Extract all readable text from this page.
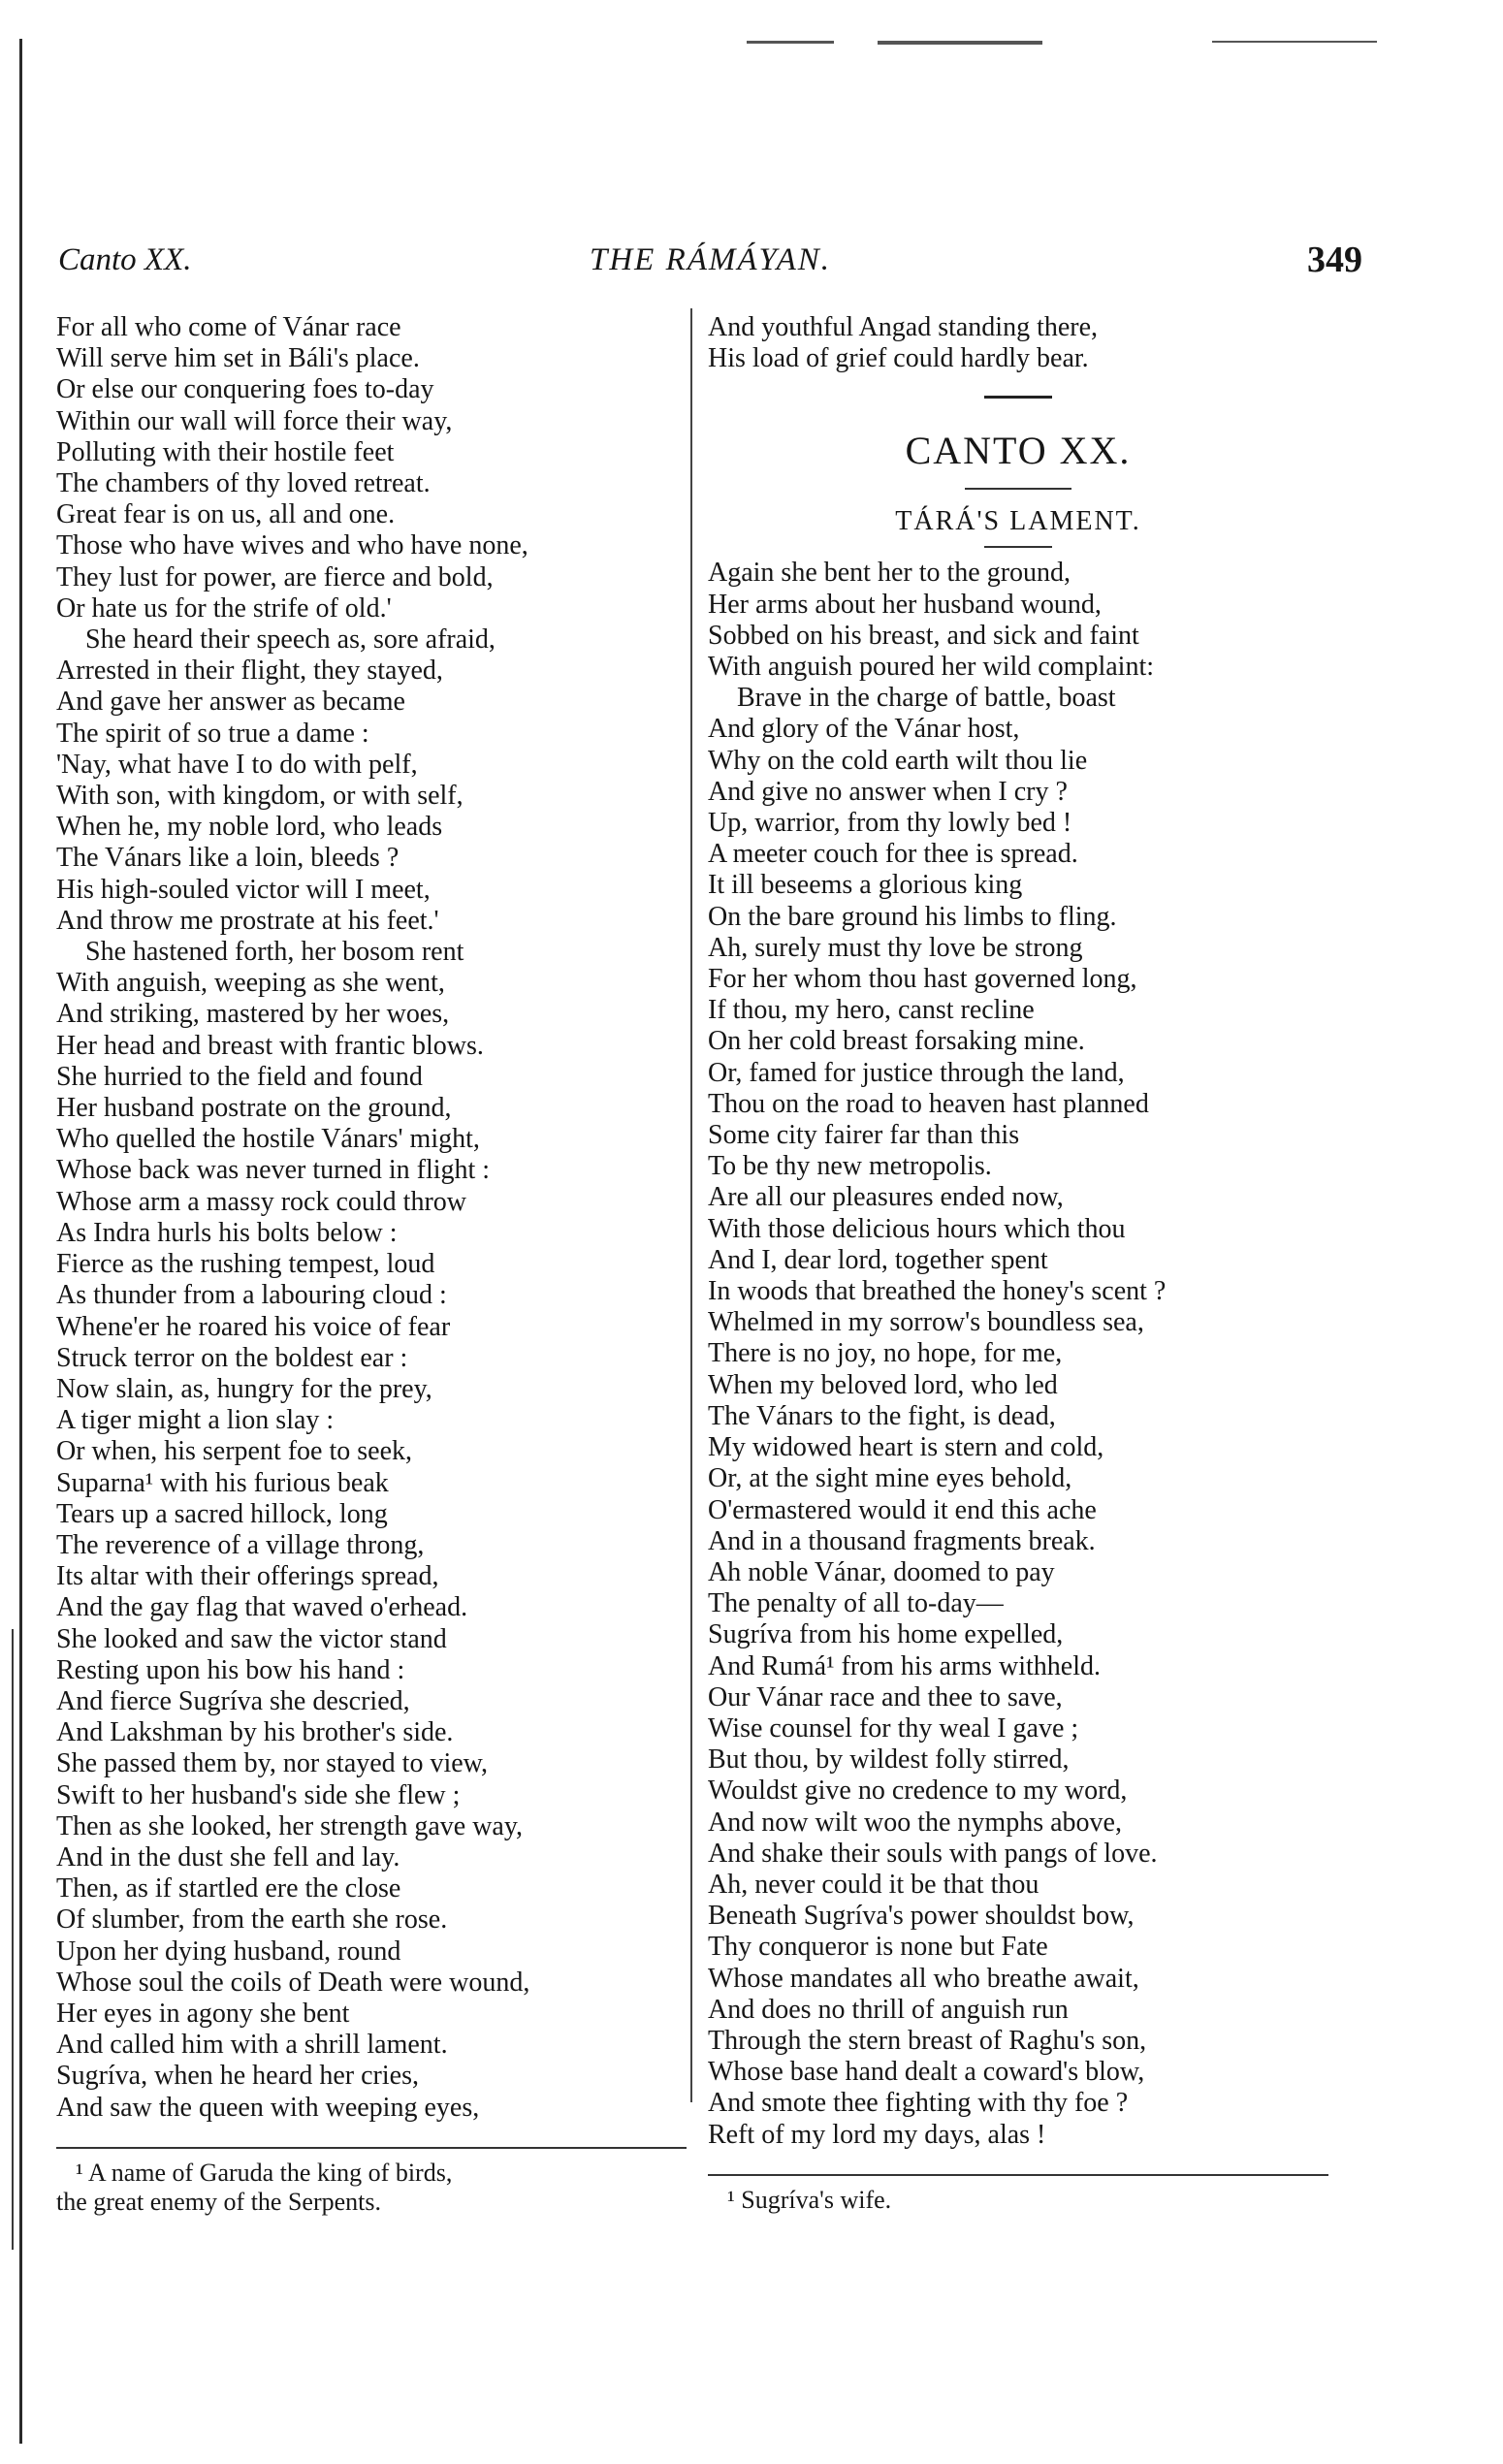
Canto XX.	THE RÁMÁYAN.	349
For all who come of Vánar race
Will serve him set in Báli's place.
Or else our conquering foes to-day
Within our wall will force their way,
Polluting with their hostile feet
The chambers of thy loved retreat.
Great fear is on us, all and one.
Those who have wives and who have none,
They lust for power, are fierce and bold,
Or hate us for the strife of old.'
She heard their speech as, sore afraid,
Arrested in their flight, they stayed,
And gave her answer as became
The spirit of so true a dame :
'Nay, what have I to do with pelf,
With son, with kingdom, or with self,
When he, my noble lord, who leads
The Vánars like a loin, bleeds ?
His high-souled victor will I meet,
And throw me prostrate at his feet.'
She hastened forth, her bosom rent
With anguish, weeping as she went,
And striking, mastered by her woes,
Her head and breast with frantic blows.
She hurried to the field and found
Her husband postrate on the ground,
Who quelled the hostile Vánars' might,
Whose back was never turned in flight :
Whose arm a massy rock could throw
As Indra hurls his bolts below :
Fierce as the rushing tempest, loud
As thunder from a labouring cloud :
Whene'er he roared his voice of fear
Struck terror on the boldest ear :
Now slain, as, hungry for the prey,
A tiger might a lion slay :
Or when, his serpent foe to seek,
Suparna¹ with his furious beak
Tears up a sacred hillock, long
The reverence of a village throng,
Its altar with their offerings spread,
And the gay flag that waved o'erhead.
She looked and saw the victor stand
Resting upon his bow his hand :
And fierce Sugríva she descried,
And Lakshman by his brother's side.
She passed them by, nor stayed to view,
Swift to her husband's side she flew ;
Then as she looked, her strength gave way,
And in the dust she fell and lay.
Then, as if startled ere the close
Of slumber, from the earth she rose.
Upon her dying husband, round
Whose soul the coils of Death were wound,
Her eyes in agony she bent
And called him with a shrill lament.
Sugríva, when he heard her cries,
And saw the queen with weeping eyes,

¹ A name of Garuda the king of birds,

the great enemy of the Serpents.

And youthful Angad standing there,
His load of grief could hardly bear.
CANTO XX.
TÁRÁ'S LAMENT.
Again she bent her to the ground,
Her arms about her husband wound,
Sobbed on his breast, and sick and faint
With anguish poured her wild complaint:
Brave in the charge of battle, boast
And glory of the Vánar host,
Why on the cold earth wilt thou lie
And give no answer when I cry ?
Up, warrior, from thy lowly bed !
A meeter couch for thee is spread.
It ill beseems a glorious king
On the bare ground his limbs to fling.
Ah, surely must thy love be strong
For her whom thou hast governed long,
If thou, my hero, canst recline
On her cold breast forsaking mine.
Or, famed for justice through the land,
Thou on the road to heaven hast planned
Some city fairer far than this
To be thy new metropolis.
Are all our pleasures ended now,
With those delicious hours which thou
And I, dear lord, together spent
In woods that breathed the honey's scent ?
Whelmed in my sorrow's boundless sea,
There is no joy, no hope, for me,
When my beloved lord, who led
The Vánars to the fight, is dead,
My widowed heart is stern and cold,
Or, at the sight mine eyes behold,
O'ermastered would it end this ache
And in a thousand fragments break.
Ah noble Vánar, doomed to pay
The penalty of all to-day—
Sugríva from his home expelled,
And Rumá¹ from his arms withheld.
Our Vánar race and thee to save,
Wise counsel for thy weal I gave ;
But thou, by wildest folly stirred,
Wouldst give no credence to my word,
And now wilt woo the nymphs above,
And shake their souls with pangs of love.
Ah, never could it be that thou
Beneath Sugríva's power shouldst bow,
Thy conqueror is none but Fate
Whose mandates all who breathe await,
And does no thrill of anguish run
Through the stern breast of Raghu's son,
Whose base hand dealt a coward's blow,
And smote thee fighting with thy foe ?
Reft of my lord my days, alas !

¹ Sugríva's wife.
